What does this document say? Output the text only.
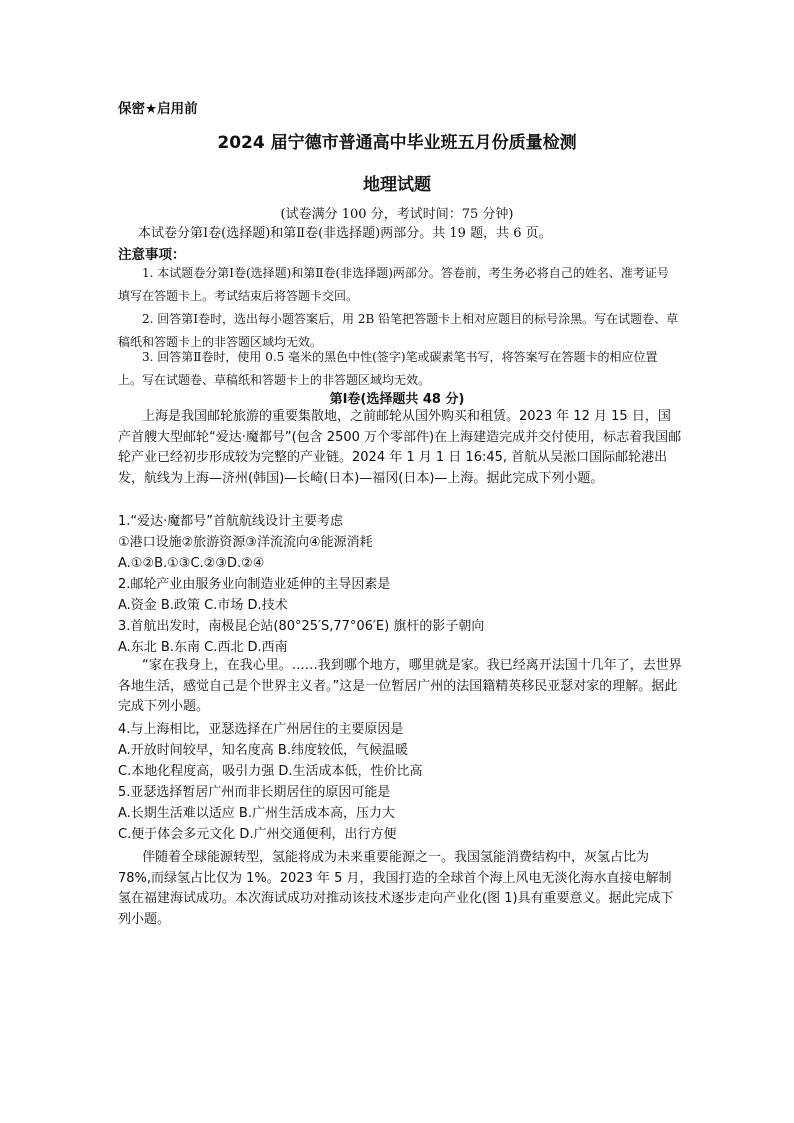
保密★启用前
2024 届宁德市普通高中毕业班五月份质量检测
地理试题
(试卷满分 100 分，考试时间：75 分钟)
本试卷分第Ⅰ卷(选择题)和第Ⅱ卷(非选择题)两部分。共 19 题，共 6 页。
注意事项：
1. 本试题卷分第Ⅰ卷(选择题)和第Ⅱ卷(非选择题)两部分。答卷前，考生务必将自己的姓名、准考证号填写在答题卡上。考试结束后将答题卡交回。
2. 回答第Ⅰ卷时，选出每小题答案后，用 2B 铅笔把答题卡上相对应题目的标号涂黑。写在试题卷、草稿纸和答题卡上的非答题区域均无效。
3. 回答第Ⅱ卷时，使用 0.5 毫米的黑色中性(签字)笔或碳素笔书写，将答案写在答题卡的相应位置上。写在试题卷、草稿纸和答题卡上的非答题区域均无效。
第Ⅰ卷(选择题共 48 分)
上海是我国邮轮旅游的重要集散地，之前邮轮从国外购买和租赁。2023 年 12 月 15 日，国产首艘大型邮轮“爱达·魔都号”(包含 2500 万个零部件)在上海建造完成并交付使用，标志着我国邮轮产业已经初步形成较为完整的产业链。2024 年 1 月 1 日 16:45, 首航从吴淞口国际邮轮港出发，航线为上海—济州(韩国)—长崎(日本)—福冈(日本)—上海。据此完成下列小题。
1.“爱达·魔都号”首航航线设计主要考虑
①港口设施②旅游资源③洋流流向④能源消耗
A.①②B.①③C.②③D.②④
2.邮轮产业由服务业向制造业延伸的主导因素是
A.资金 B.政策 C.市场 D.技术
3.首航出发时，南极昆仑站(80°25′S,77°06′E) 旗杆的影子朝向
A.东北 B.东南 C.西北 D.西南
“家在我身上，在我心里。……我到哪个地方，哪里就是家。我已经离开法国十几年了，去世界各地生活，感觉自己是个世界主义者。”这是一位暂居广州的法国籍精英移民亚瑟对家的理解。据此完成下列小题。
4.与上海相比，亚瑟选择在广州居住的主要原因是
A.开放时间较早，知名度高 B.纬度较低，气候温暖
C.本地化程度高，吸引力强 D.生活成本低，性价比高
5.亚瑟选择暂居广州而非长期居住的原因可能是
A.长期生活难以适应 B.广州生活成本高，压力大
C.便于体会多元文化 D.广州交通便利，出行方便
伴随着全球能源转型，氢能将成为未来重要能源之一。我国氢能消费结构中，灰氢占比为 78%,而绿氢占比仅为 1%。2023 年 5 月，我国打造的全球首个海上风电无淡化海水直接电解制氢在福建海试成功。本次海试成功对推动该技术逐步走向产业化(图 1)具有重要意义。据此完成下列小题。
